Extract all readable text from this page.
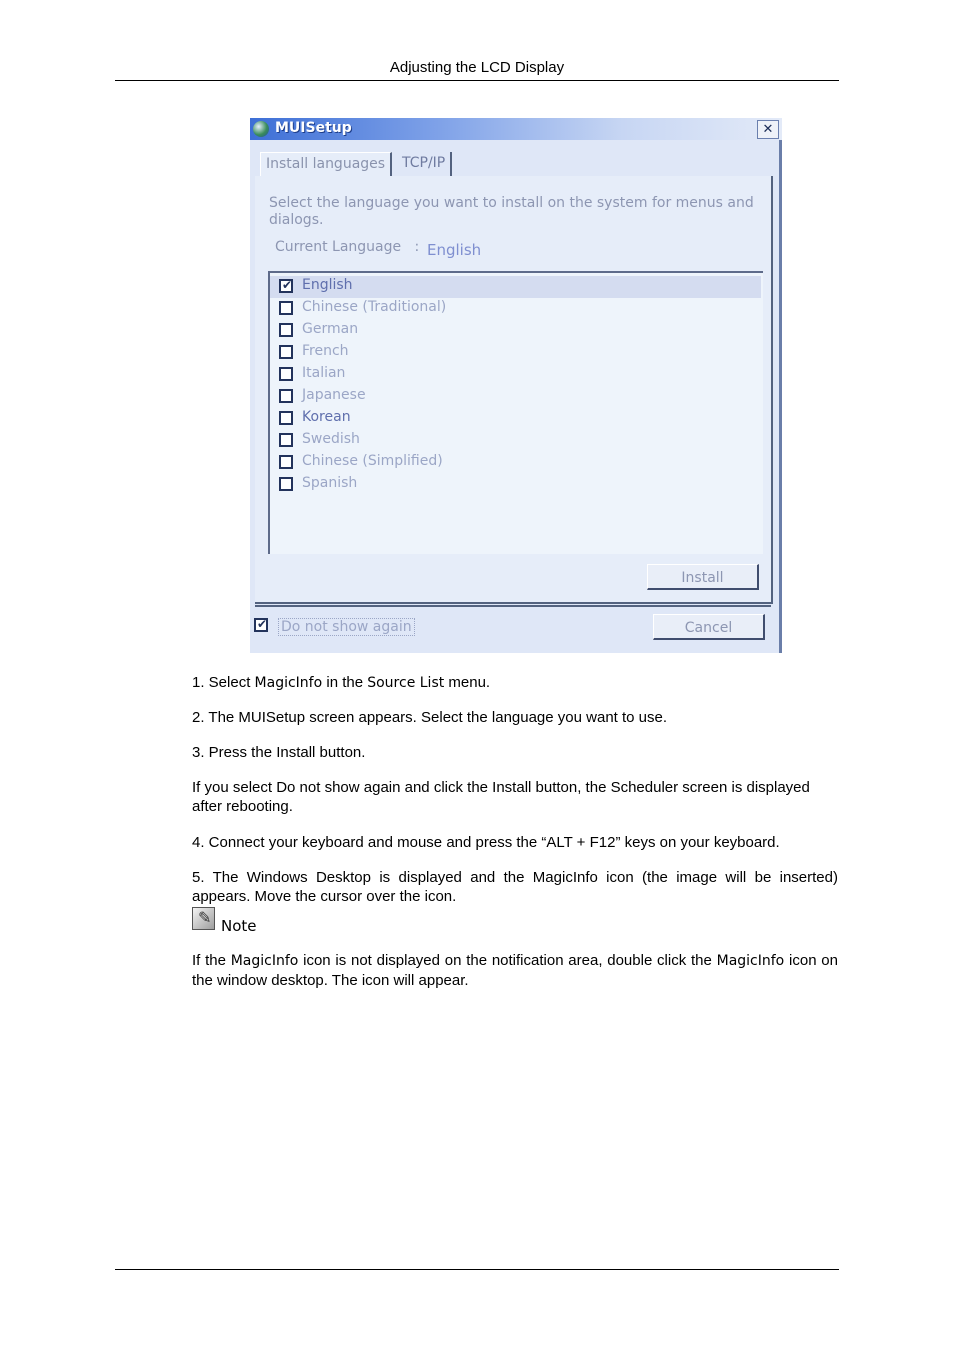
Adjusting the LCD Display
MUISetup	✕
Install languages	TCP/IP
Select the language you want to install on the system for menus and dialogs.
Current Language : English
✔ English
Chinese (Traditional)
German
French
Italian
Japanese
Korean
Swedish
Chinese (Simplified)
Spanish
Install
✔ Do not show again	Cancel
1. Select MagicInfo in the Source List menu.
2. The MUISetup screen appears. Select the language you want to use.
3. Press the Install button.
If you select Do not show again and click the Install button, the Scheduler screen is displayed after rebooting.
4. Connect your keyboard and mouse and press the “ALT + F12” keys on your keyboard.
5. The Windows Desktop is displayed and the MagicInfo icon (the image will be inserted) appears. Move the cursor over the icon.
✎ Note
If the MagicInfo icon is not displayed on the notification area, double click the MagicInfo icon on the window desktop. The icon will appear.
